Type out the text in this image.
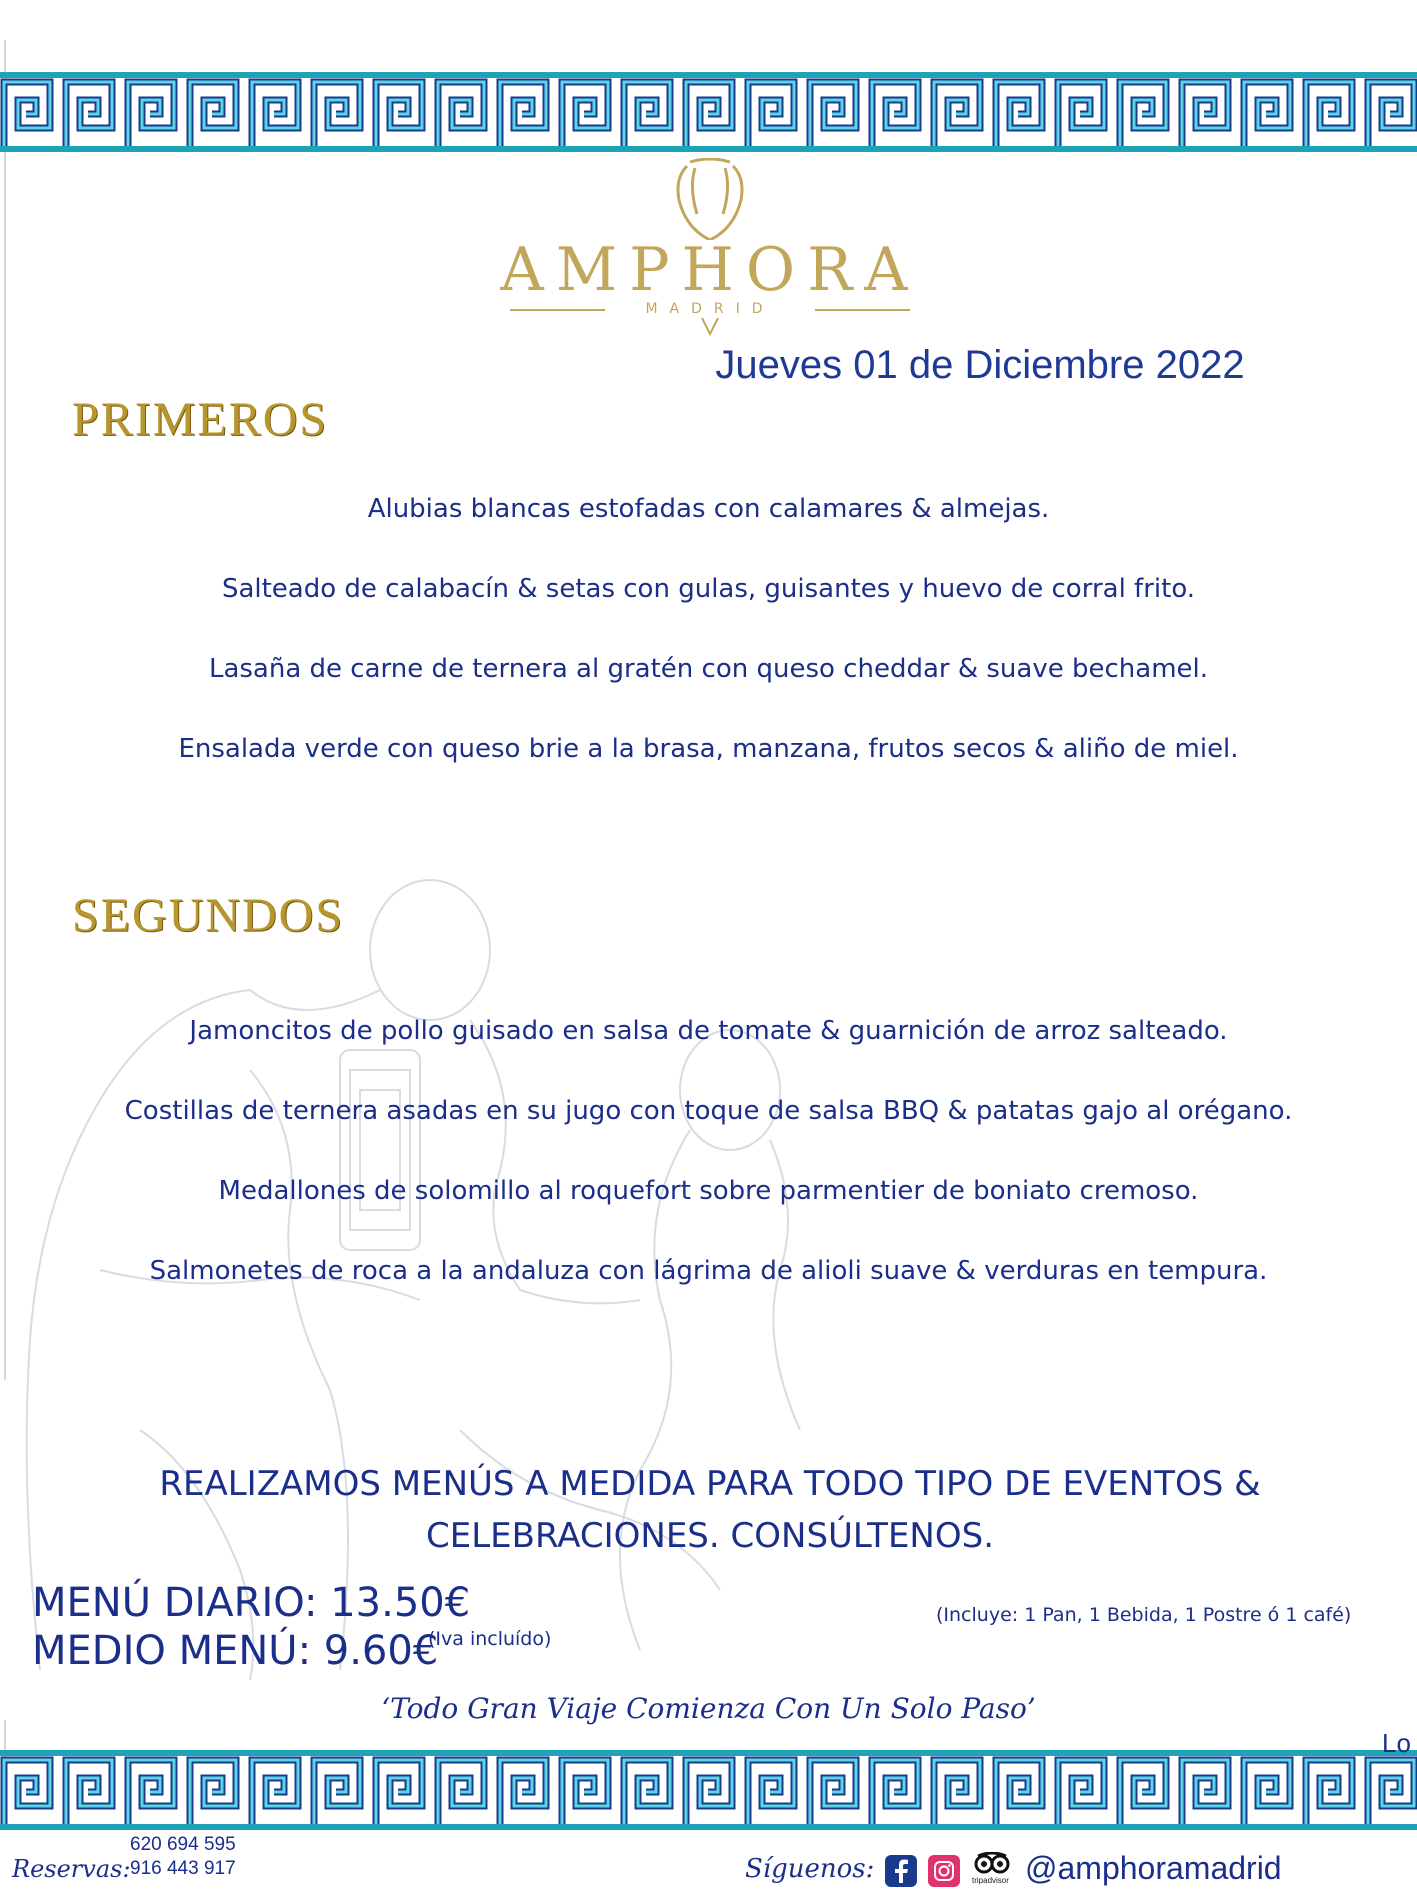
AMPHORA
MADRID
Jueves 01 de Diciembre 2022
PRIMEROS
Alubias blancas estofadas con calamares & almejas.
Salteado de calabacín & setas con gulas, guisantes y huevo de corral frito.
Lasaña de carne de ternera al gratén con queso cheddar & suave bechamel.
Ensalada verde con queso brie a la brasa, manzana, frutos secos & aliño de miel.
SEGUNDOS
Jamoncitos de pollo guisado en salsa de tomate & guarnición de arroz salteado.
Costillas de ternera asadas en su jugo con toque de salsa BBQ & patatas gajo al orégano.
Medallones de solomillo al roquefort sobre parmentier de boniato cremoso.
Salmonetes de roca a la andaluza con lágrima de alioli suave & verduras en tempura.
REALIZAMOS MENÚS A MEDIDA PARA TODO TIPO DE EVENTOS &
CELEBRACIONES. CONSÚLTENOS.
MENÚ DIARIO: 13.50€
MEDIO MENÚ: 9.60€
(Iva incluído)
(Incluye: 1 Pan, 1 Bebida, 1 Postre ó 1 café)
‘Todo Gran Viaje Comienza Con Un Solo Paso’
Lo
Reservas:
620 694 595
916 443 917	Síguenos:	tripadvisor @amphoramadrid
